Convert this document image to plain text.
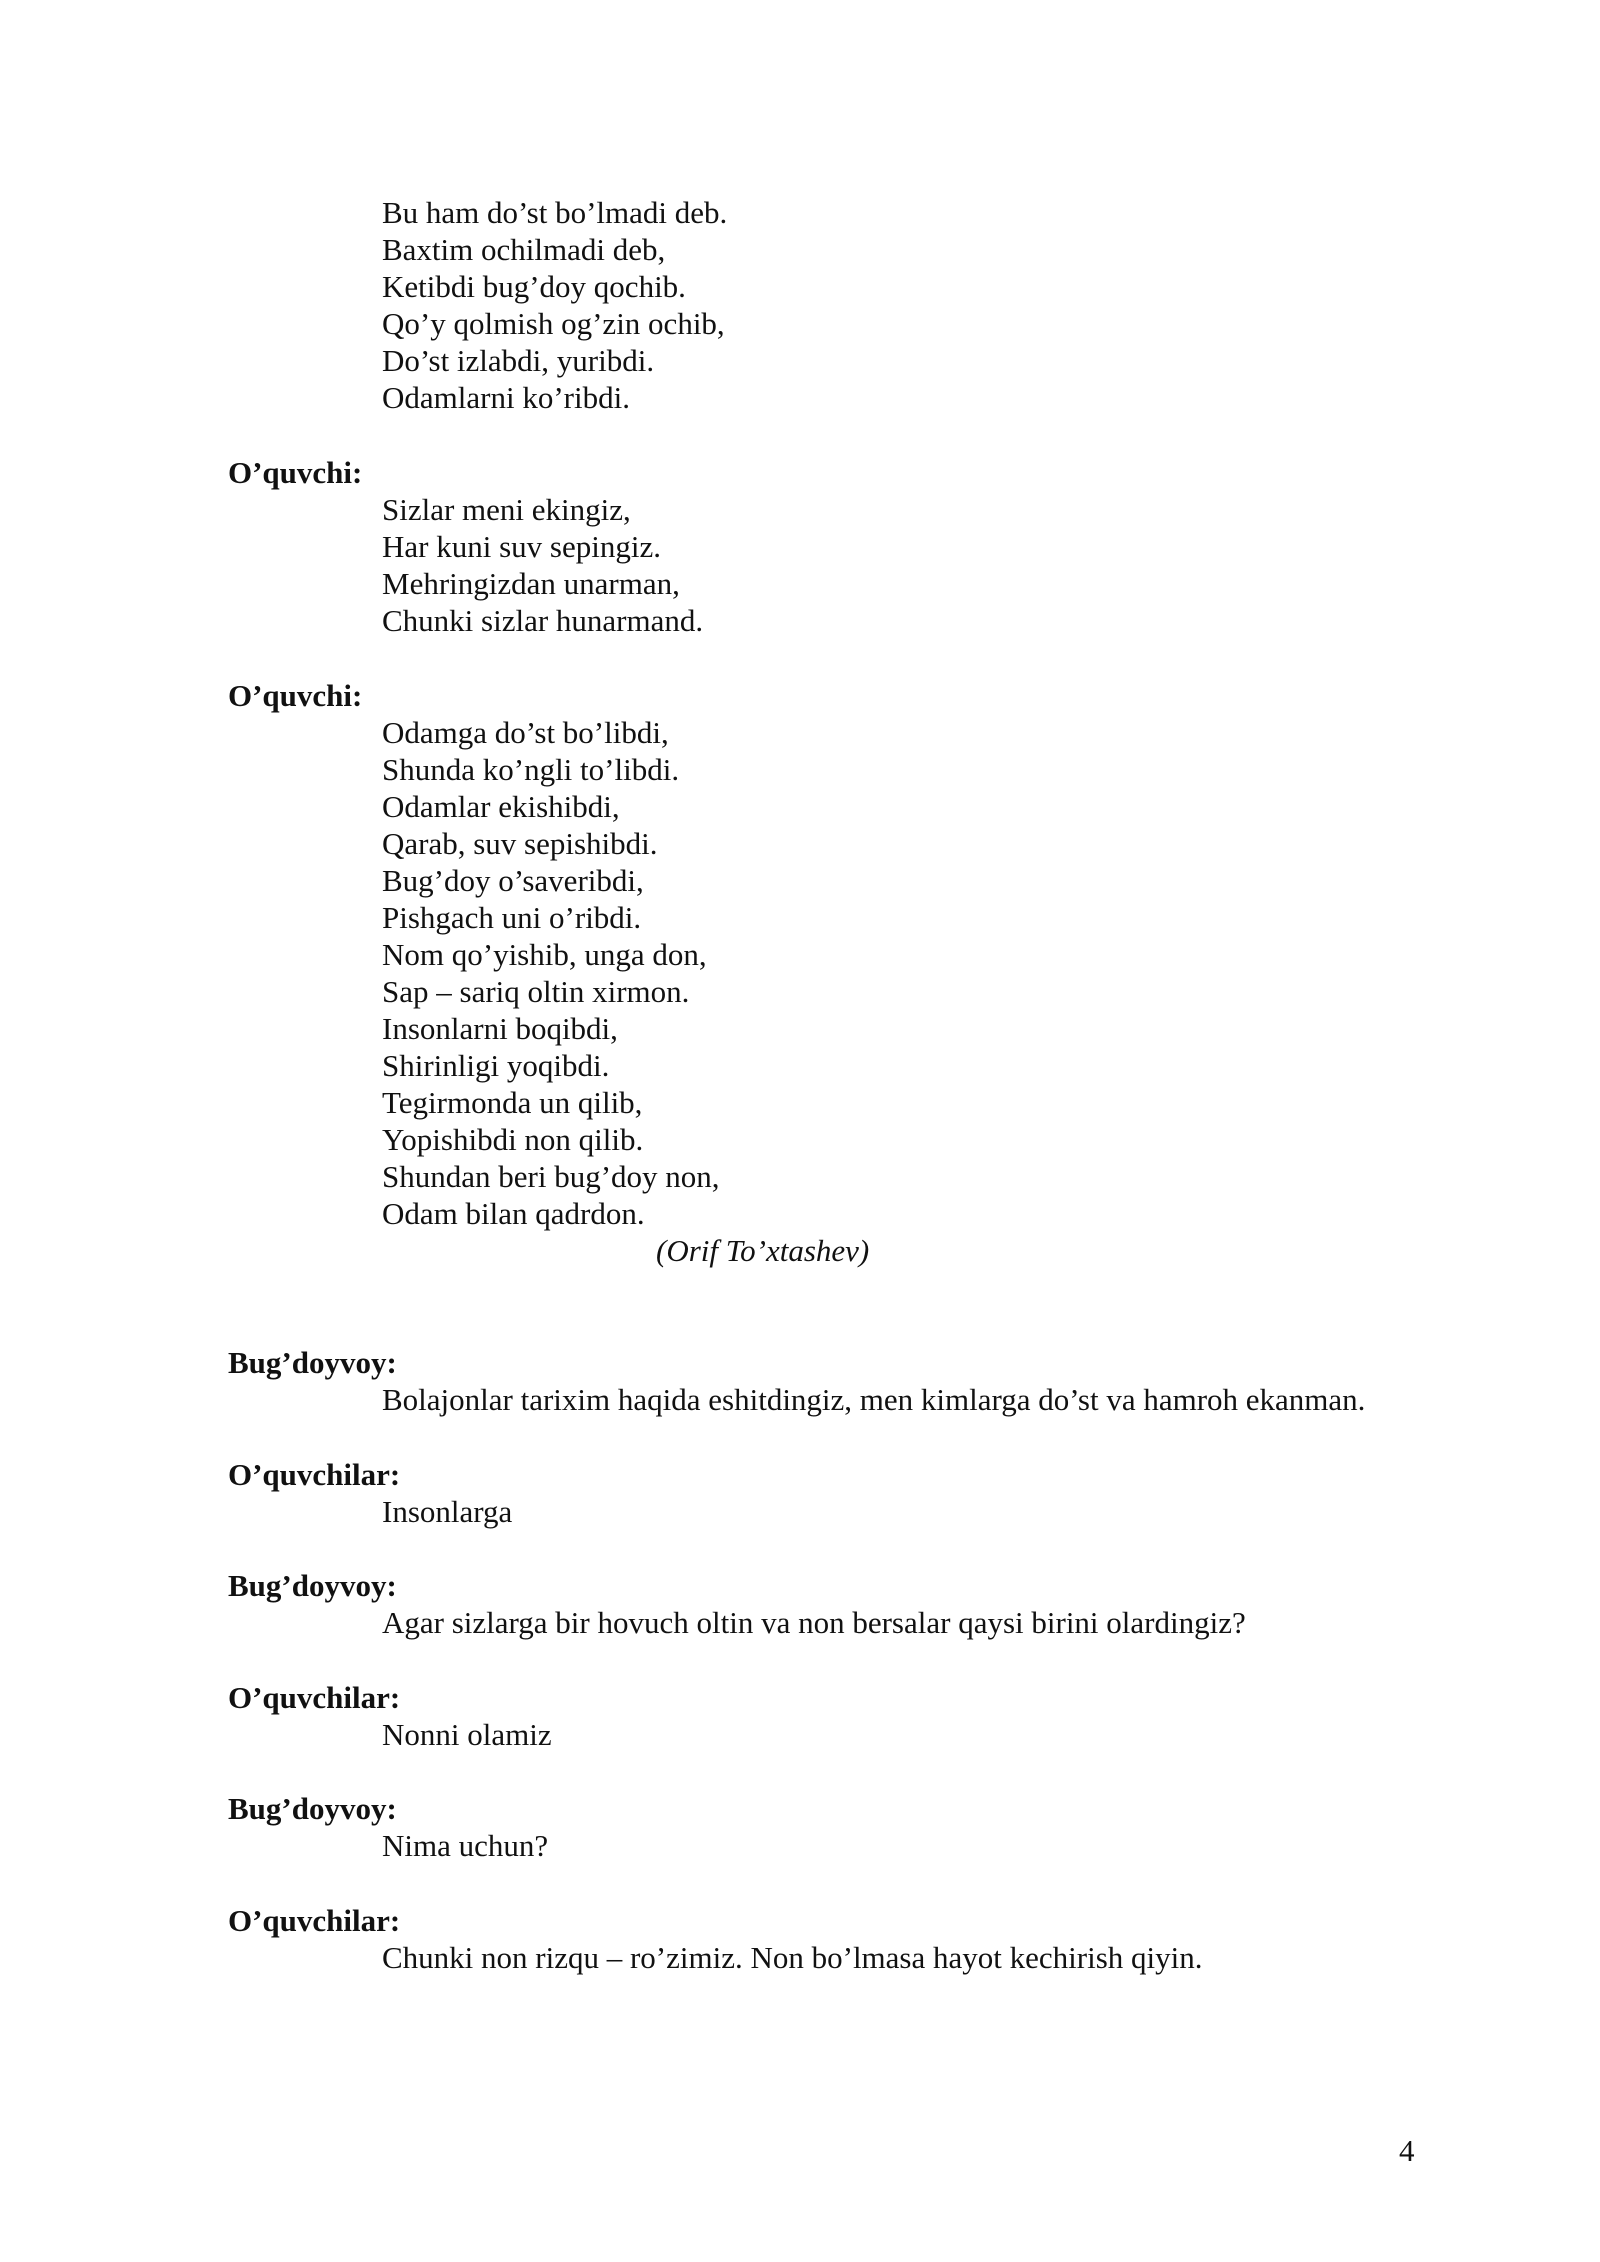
Bu ham do’st bo’lmadi deb.
Baxtim ochilmadi deb,
Ketibdi bug’doy qochib.
Qo’y qolmish og’zin ochib,
Do’st izlabdi, yuribdi.
Odamlarni ko’ribdi.
O’quvchi:
Sizlar meni ekingiz,
Har kuni suv sepingiz.
Mehringizdan unarman,
Chunki sizlar hunarmand.
O’quvchi:
Odamga do’st bo’libdi,
Shunda ko’ngli to’libdi.
Odamlar ekishibdi,
Qarab, suv sepishibdi.
Bug’doy o’saveribdi,
Pishgach uni o’ribdi.
Nom qo’yishib, unga don,
Sap – sariq oltin xirmon.
Insonlarni boqibdi,
Shirinligi yoqibdi.
Tegirmonda un qilib,
Yopishibdi non qilib.
Shundan beri bug’doy non,
Odam bilan qadrdon.
(Orif To’xtashev)
Bug’doyvoy:
Bolajonlar tarixim haqida eshitdingiz, men kimlarga do’st va hamroh ekanman.
O’quvchilar:
Insonlarga
Bug’doyvoy:
Agar sizlarga bir hovuch oltin va non bersalar qaysi birini olardingiz?
O’quvchilar:
Nonni olamiz
Bug’doyvoy:
Nima uchun?
O’quvchilar:
Chunki non rizqu – ro’zimiz. Non bo’lmasa hayot kechirish qiyin.
4
